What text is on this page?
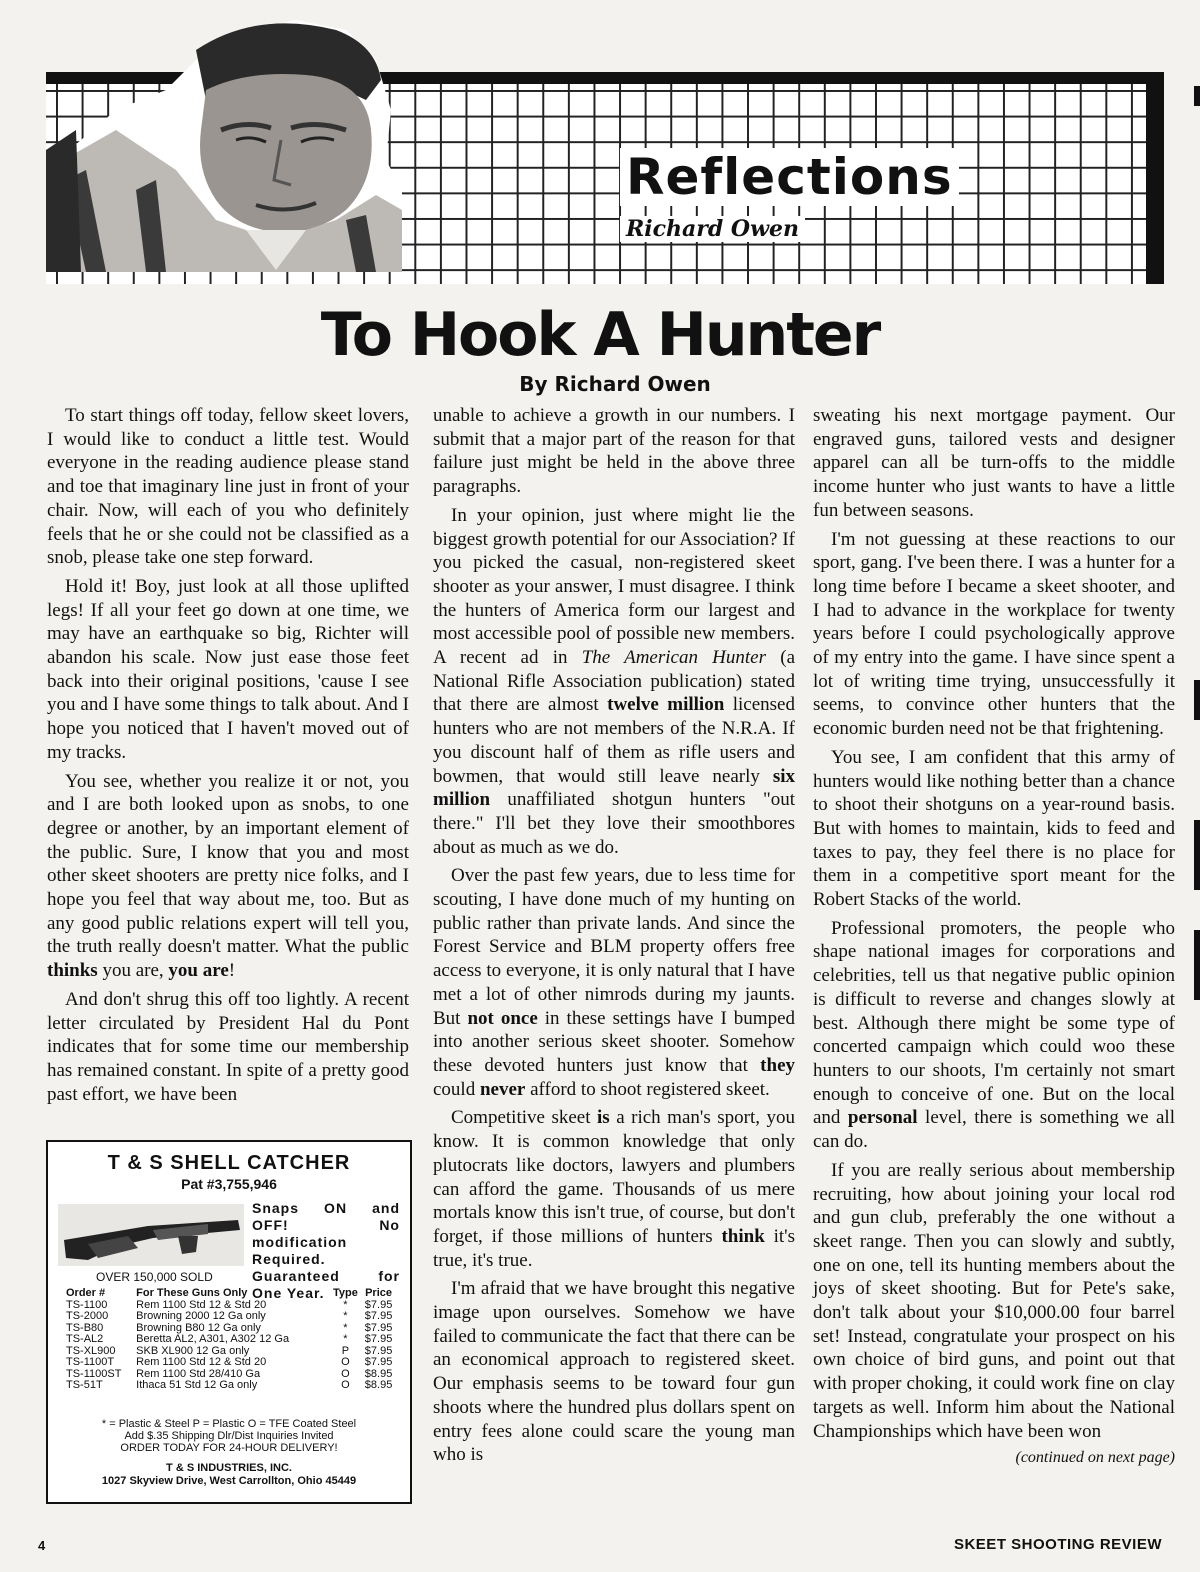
Reflections
Richard Owen
To Hook A Hunter
By Richard Owen

To start things off today, fellow skeet lovers, I would like to conduct a little test. Would everyone in the reading audience please stand and toe that imaginary line just in front of your chair. Now, will each of you who definitely feels that he or she could not be classified as a snob, please take one step forward.

Hold it! Boy, just look at all those uplifted legs! If all your feet go down at one time, we may have an earthquake so big, Richter will abandon his scale. Now just ease those feet back into their original positions, 'cause I see you and I have some things to talk about. And I hope you noticed that I haven't moved out of my tracks.

You see, whether you realize it or not, you and I are both looked upon as snobs, to one degree or another, by an important element of the public. Sure, I know that you and most other skeet shooters are pretty nice folks, and I hope you feel that way about me, too. But as any good public relations expert will tell you, the truth really doesn't matter. What the public thinks you are, you are!

And don't shrug this off too lightly. A recent letter circulated by President Hal du Pont indicates that for some time our membership has remained constant. In spite of a pretty good past effort, we have been

unable to achieve a growth in our numbers. I submit that a major part of the reason for that failure just might be held in the above three paragraphs.

In your opinion, just where might lie the biggest growth potential for our Association? If you picked the casual, non-registered skeet shooter as your answer, I must disagree. I think the hunters of America form our largest and most accessible pool of possible new members. A recent ad in The American Hunter (a National Rifle Association publication) stated that there are almost twelve million licensed hunters who are not members of the N.R.A. If you discount half of them as rifle users and bowmen, that would still leave nearly six million unaffiliated shotgun hunters "out there." I'll bet they love their smoothbores about as much as we do.

Over the past few years, due to less time for scouting, I have done much of my hunting on public rather than private lands. And since the Forest Service and BLM property offers free access to everyone, it is only natural that I have met a lot of other nimrods during my jaunts. But not once in these settings have I bumped into another serious skeet shooter. Somehow these devoted hunters just know that they could never afford to shoot registered skeet.

Competitive skeet is a rich man's sport, you know. It is common knowledge that only plutocrats like doctors, lawyers and plumbers can afford the game. Thousands of us mere mortals know this isn't true, of course, but don't forget, if those millions of hunters think it's true, it's true.

I'm afraid that we have brought this negative image upon ourselves. Somehow we have failed to communicate the fact that there can be an economical approach to registered skeet. Our emphasis seems to be toward four gun shoots where the hundred plus dollars spent on entry fees alone could scare the young man who is

sweating his next mortgage payment. Our engraved guns, tailored vests and designer apparel can all be turn-offs to the middle income hunter who just wants to have a little fun between seasons.

I'm not guessing at these reactions to our sport, gang. I've been there. I was a hunter for a long time before I became a skeet shooter, and I had to advance in the workplace for twenty years before I could psychologically approve of my entry into the game. I have since spent a lot of writing time trying, unsuccessfully it seems, to convince other hunters that the economic burden need not be that frightening.

You see, I am confident that this army of hunters would like nothing better than a chance to shoot their shotguns on a year-round basis. But with homes to maintain, kids to feed and taxes to pay, they feel there is no place for them in a competitive sport meant for the Robert Stacks of the world.

Professional promoters, the people who shape national images for corporations and celebrities, tell us that negative public opinion is difficult to reverse and changes slowly at best. Although there might be some type of concerted campaign which could woo these hunters to our shoots, I'm certainly not smart enough to conceive of one. But on the local and personal level, there is something we all can do.

If you are really serious about membership recruiting, how about joining your local rod and gun club, preferably the one without a skeet range. Then you can slowly and subtly, one on one, tell its hunting members about the joys of skeet shooting. But for Pete's sake, don't talk about your $10,000.00 four barrel set! Instead, congratulate your prospect on his own choice of bird guns, and point out that with proper choking, it could work fine on clay targets as well. Inform him about the National Championships which have been won

(continued on next page)
T & S SHELL CATCHER
Pat #3,755,946
Snaps ON and OFF! No modification Required. Guaranteed for One Year.
OVER 150,000 SOLD
Order #	For These Guns Only	Type	Price
TS-1100	Rem 1100 Std 12 & Std 20	*	$7.95
TS-2000	Browning 2000 12 Ga only	*	$7.95
TS-B80	Browning B80 12 Ga only	*	$7.95
TS-AL2	Beretta AL2, A301, A302 12 Ga	*	$7.95
TS-XL900	SKB XL900 12 Ga only	P	$7.95
TS-1100T	Rem 1100 Std 12 & Std 20	O	$7.95
TS-1100ST	Rem 1100 Std 28/410 Ga	O	$8.95
TS-51T	Ithaca 51 Std 12 Ga only	O	$8.95
* = Plastic & Steel P = Plastic O = TFE Coated Steel
Add $.35 Shipping Dlr/Dist Inquiries Invited
ORDER TODAY FOR 24-HOUR DELIVERY!
T & S INDUSTRIES, INC.
1027 Skyview Drive, West Carrollton, Ohio 45449
4	SKEET SHOOTING REVIEW
